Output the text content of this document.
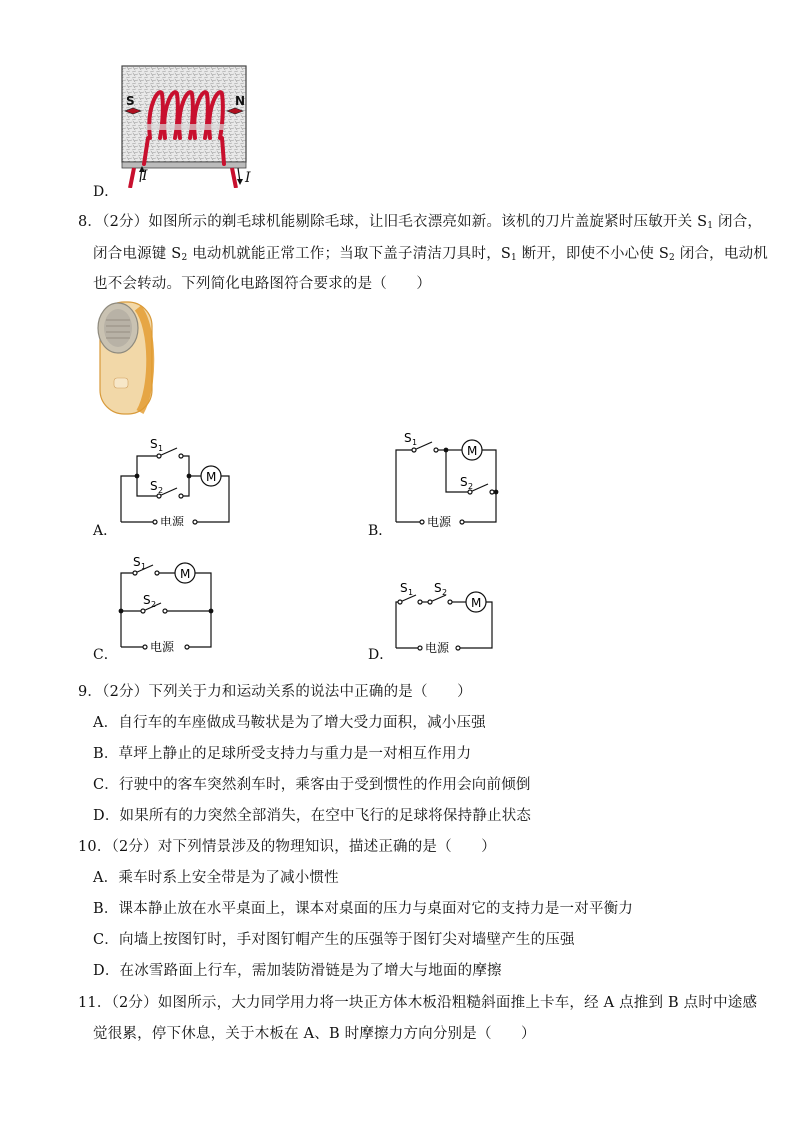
S	N
I	I
D．
8．（2分）如图所示的剃毛球机能剔除毛球，让旧毛衣漂亮如新。该机的刀片盖旋紧时压敏开关 $S_1$ 闭合，
闭合电源键 $S_2$ 电动机就能正常工作；当取下盖子清洁刀具时，$S_1$ 断开，即使不小心使 $S_2$ 闭合，电动机
也不会转动。下列简化电路图符合要求的是（　　）
M
S 1
S 2
电源
A．
M
S 1
S 2
电源
B．
M
S 1
S 2
电源
C．
M
S 1 S 2
电源
D．
9．（2分）下列关于力和运动关系的说法中正确的是（　　）
A．自行车的车座做成马鞍状是为了增大受力面积，减小压强
B．草坪上静止的足球所受支持力与重力是一对相互作用力
C．行驶中的客车突然刹车时，乘客由于受到惯性的作用会向前倾倒
D．如果所有的力突然全部消失，在空中飞行的足球将保持静止状态
10．（2分）对下列情景涉及的物理知识，描述正确的是（　　）
A．乘车时系上安全带是为了减小惯性
B．课本静止放在水平桌面上，课本对桌面的压力与桌面对它的支持力是一对平衡力
C．向墙上按图钉时，手对图钉帽产生的压强等于图钉尖对墙壁产生的压强
D．在冰雪路面上行车，需加装防滑链是为了增大与地面的摩擦
11．（2分）如图所示，大力同学用力将一块正方体木板沿粗糙斜面推上卡车，经 A 点推到 B 点时中途感
觉很累，停下休息，关于木板在 A、B 时摩擦力方向分别是（　　）
